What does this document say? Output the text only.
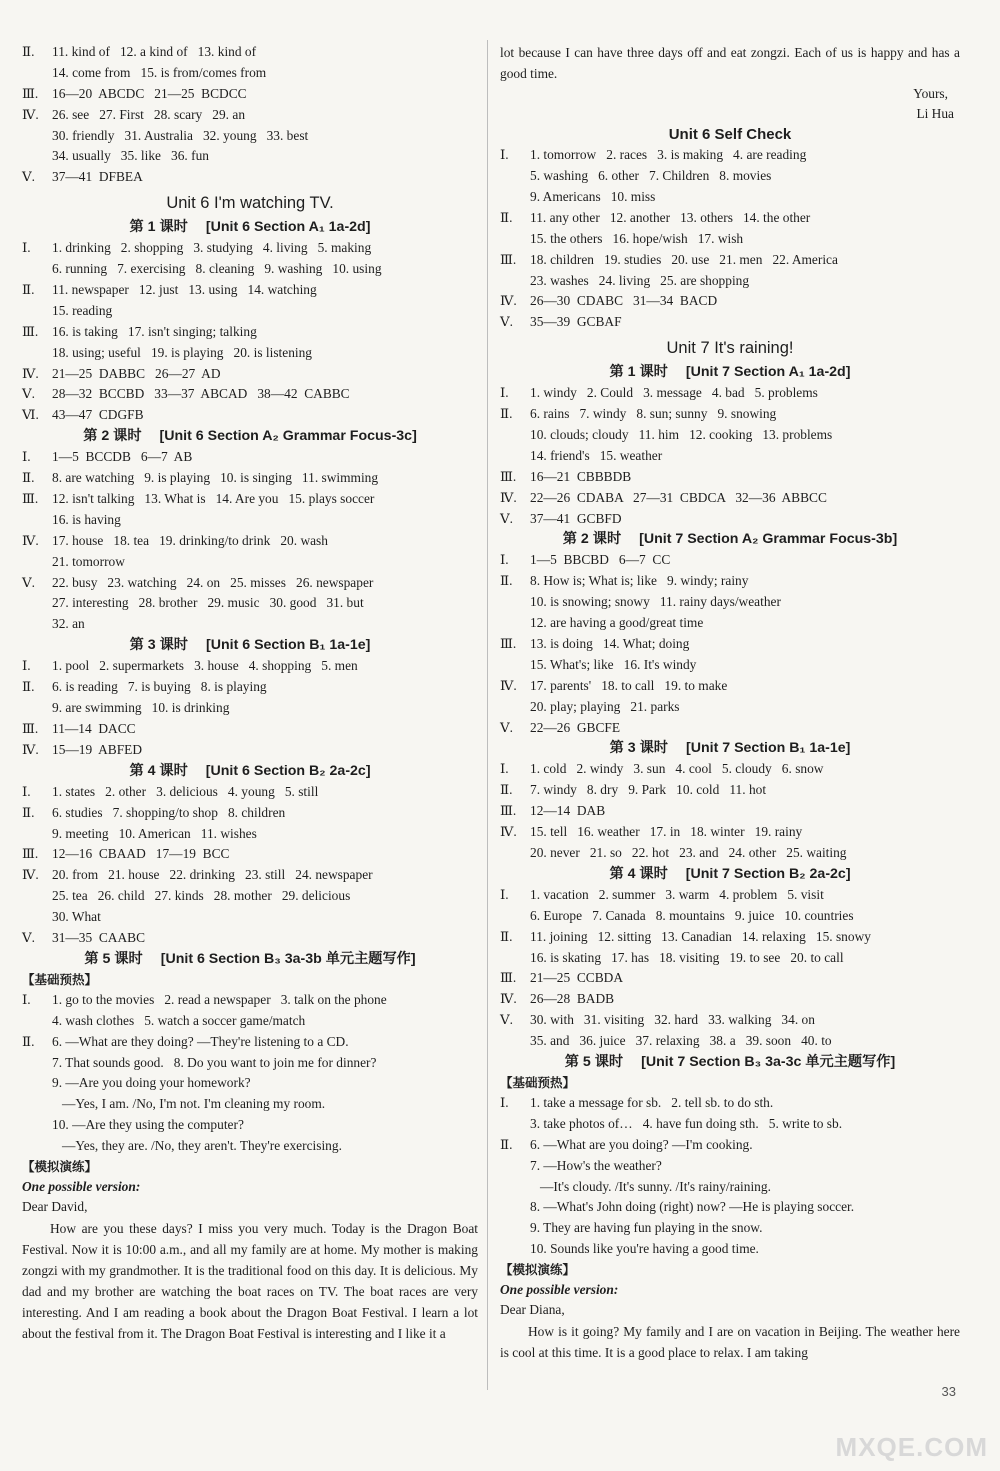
Ⅱ. 11. kind of   12. a kind of   13. kind of
14. come from   15. is from/comes from
Ⅲ. 16—20  ABCDC   21—25  BCDCC
Ⅳ. 26. see   27. First   28. scary   29. an
30. friendly   31. Australia   32. young   33. best
34. usually   35. like   36. fun
Ⅴ. 37—41  DFBEA
Unit 6 I'm watching TV.
第 1 课时 [Unit 6 Section A₁ 1a-2d]
Ⅰ. 1. drinking   2. shopping   3. studying   4. living   5. making
6. running   7. exercising   8. cleaning   9. washing   10. using
Ⅱ. 11. newspaper   12. just   13. using   14. watching
15. reading
Ⅲ. 16. is taking   17. isn't singing; talking
18. using; useful   19. is playing   20. is listening
Ⅳ. 21—25  DABBC   26—27  AD
Ⅴ. 28—32  BCCBD   33—37  ABCAD   38—42  CABBC
Ⅵ. 43—47  CDGFB
第 2 课时 [Unit 6 Section A₂ Grammar Focus-3c]
Ⅰ. 1—5  BCCDB   6—7  AB
Ⅱ. 8. are watching   9. is playing   10. is singing   11. swimming
Ⅲ. 12. isn't talking   13. What is   14. Are you   15. plays soccer
16. is having
Ⅳ. 17. house   18. tea   19. drinking/to drink   20. wash
21. tomorrow
Ⅴ. 22. busy   23. watching   24. on   25. misses   26. newspaper
27. interesting   28. brother   29. music   30. good   31. but
32. an
第 3 课时 [Unit 6 Section B₁ 1a-1e]
Ⅰ. 1. pool   2. supermarkets   3. house   4. shopping   5. men
Ⅱ. 6. is reading   7. is buying   8. is playing
9. are swimming   10. is drinking
Ⅲ. 11—14  DACC
Ⅳ. 15—19  ABFED
第 4 课时 [Unit 6 Section B₂ 2a-2c]
Ⅰ. 1. states   2. other   3. delicious   4. young   5. still
Ⅱ. 6. studies   7. shopping/to shop   8. children
9. meeting   10. American   11. wishes
Ⅲ. 12—16  CBAAD   17—19  BCC
Ⅳ. 20. from   21. house   22. drinking   23. still   24. newspaper
25. tea   26. child   27. kinds   28. mother   29. delicious
30. What
Ⅴ. 31—35  CAABC
第 5 课时 [Unit 6 Section B₃ 3a-3b 单元主题写作]
【基础预热】
Ⅰ. 1. go to the movies   2. read a newspaper   3. talk on the phone
4. wash clothes   5. watch a soccer game/match
Ⅱ. 6. —What are they doing? —They're listening to a CD.
7. That sounds good.   8. Do you want to join me for dinner?
9. —Are you doing your homework?
—Yes, I am. /No, I'm not. I'm cleaning my room.
10. —Are they using the computer?
—Yes, they are. /No, they aren't. They're exercising.
【模拟演练】
One possible version:
Dear David,
How are you these days? I miss you very much. Today is the Dragon Boat Festival. Now it is 10:00 a.m., and all my family are at home. My mother is making zongzi with my grandmother. It is the traditional food on this day. It is delicious. My dad and my brother are watching the boat races on TV. The boat races are very interesting. And I am reading a book about the Dragon Boat Festival. I learn a lot about the festival from it. The Dragon Boat Festival is interesting and I like it a
lot because I can have three days off and eat zongzi. Each of us is happy and has a good time.
Yours,
Li Hua
Unit 6 Self Check
Ⅰ. 1. tomorrow   2. races   3. is making   4. are reading
5. washing   6. other   7. Children   8. movies
9. Americans   10. miss
Ⅱ. 11. any other   12. another   13. others   14. the other
15. the others   16. hope/wish   17. wish
Ⅲ. 18. children   19. studies   20. use   21. men   22. America
23. washes   24. living   25. are shopping
Ⅳ. 26—30  CDABC   31—34  BACD
Ⅴ. 35—39  GCBAF
Unit 7 It's raining!
第 1 课时 [Unit 7 Section A₁ 1a-2d]
Ⅰ. 1. windy   2. Could   3. message   4. bad   5. problems
Ⅱ. 6. rains   7. windy   8. sun; sunny   9. snowing
10. clouds; cloudy   11. him   12. cooking   13. problems
14. friend's   15. weather
Ⅲ. 16—21  CBBBDB
Ⅳ. 22—26  CDABA   27—31  CBDCA   32—36  ABBCC
Ⅴ. 37—41  GCBFD
第 2 课时 [Unit 7 Section A₂ Grammar Focus-3b]
Ⅰ. 1—5  BBCBD   6—7  CC
Ⅱ. 8. How is; What is; like   9. windy; rainy
10. is snowing; snowy   11. rainy days/weather
12. are having a good/great time
Ⅲ. 13. is doing   14. What; doing
15. What's; like   16. It's windy
Ⅳ. 17. parents'   18. to call   19. to make
20. play; playing   21. parks
Ⅴ. 22—26  GBCFE
第 3 课时 [Unit 7 Section B₁ 1a-1e]
Ⅰ. 1. cold   2. windy   3. sun   4. cool   5. cloudy   6. snow
Ⅱ. 7. windy   8. dry   9. Park   10. cold   11. hot
Ⅲ. 12—14  DAB
Ⅳ. 15. tell   16. weather   17. in   18. winter   19. rainy
20. never   21. so   22. hot   23. and   24. other   25. waiting
第 4 课时 [Unit 7 Section B₂ 2a-2c]
Ⅰ. 1. vacation   2. summer   3. warm   4. problem   5. visit
6. Europe   7. Canada   8. mountains   9. juice   10. countries
Ⅱ. 11. joining   12. sitting   13. Canadian   14. relaxing   15. snowy
16. is skating   17. has   18. visiting   19. to see   20. to call
Ⅲ. 21—25  CCBDA
Ⅳ. 26—28  BADB
Ⅴ. 30. with   31. visiting   32. hard   33. walking   34. on
35. and   36. juice   37. relaxing   38. a   39. soon   40. to
第 5 课时 [Unit 7 Section B₃ 3a-3c 单元主题写作]
【基础预热】
Ⅰ. 1. take a message for sb.   2. tell sb. to do sth.
3. take photos of…   4. have fun doing sth.   5. write to sb.
Ⅱ. 6. —What are you doing? —I'm cooking.
7. —How's the weather?
—It's cloudy. /It's sunny. /It's rainy/raining.
8. —What's John doing (right) now? —He is playing soccer.
9. They are having fun playing in the snow.
10. Sounds like you're having a good time.
【模拟演练】
One possible version:
Dear Diana,
How is it going? My family and I are on vacation in Beijing. The weather here is cool at this time. It is a good place to relax. I am taking
33
MXQE.COM
